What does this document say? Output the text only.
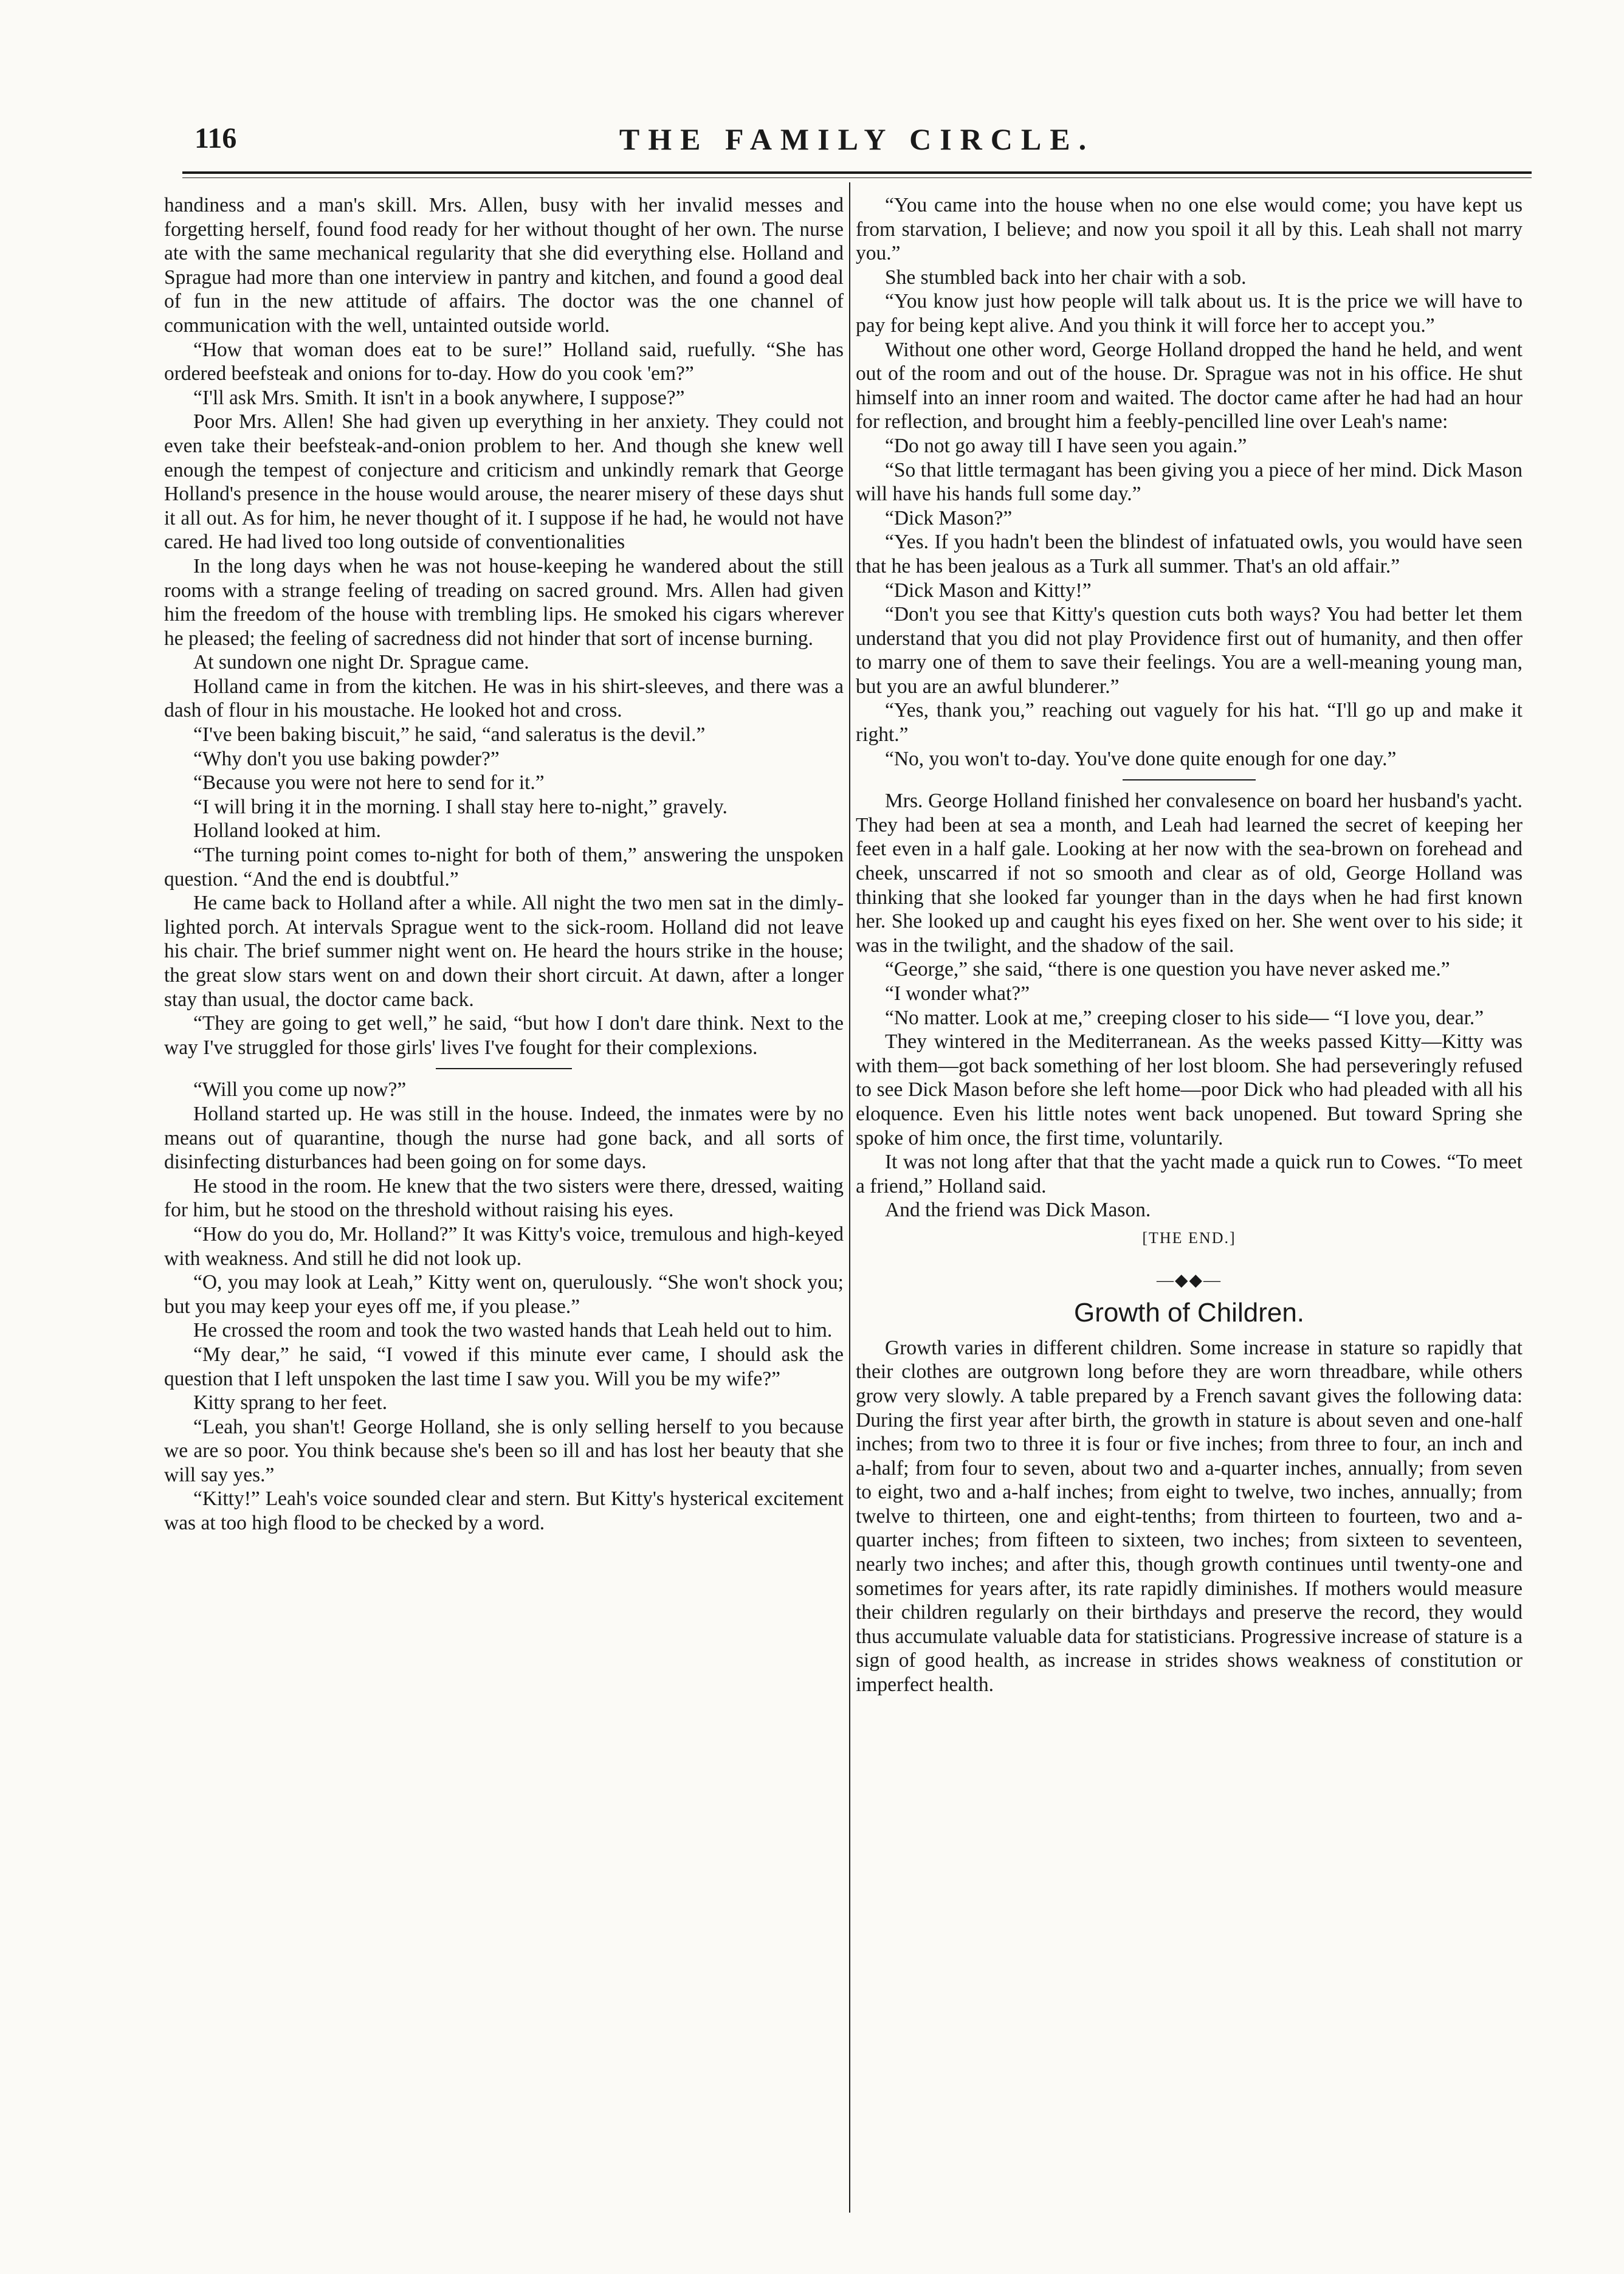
116	THE FAMILY CIRCLE.

handiness and a man's skill. Mrs. Allen, busy with her invalid messes and forgetting herself, found food ready for her without thought of her own. The nurse ate with the same mechanical regularity that she did everything else. Holland and Sprague had more than one interview in pantry and kitchen, and found a good deal of fun in the new attitude of affairs. The doctor was the one channel of communication with the well, untainted outside world.

“How that woman does eat to be sure!” Holland said, ruefully. “She has ordered beefsteak and onions for to-day. How do you cook 'em?”

“I'll ask Mrs. Smith. It isn't in a book anywhere, I suppose?”

Poor Mrs. Allen! She had given up everything in her anxiety. They could not even take their beefsteak-and-onion problem to her. And though she knew well enough the tempest of conjecture and criticism and unkindly remark that George Holland's presence in the house would arouse, the nearer misery of these days shut it all out. As for him, he never thought of it. I suppose if he had, he would not have cared. He had lived too long outside of conventionalities

In the long days when he was not house-keeping he wandered about the still rooms with a strange feeling of treading on sacred ground. Mrs. Allen had given him the freedom of the house with trembling lips. He smoked his cigars wherever he pleased; the feeling of sacredness did not hinder that sort of incense burning.

At sundown one night Dr. Sprague came.

Holland came in from the kitchen. He was in his shirt-sleeves, and there was a dash of flour in his moustache. He looked hot and cross.

“I've been baking biscuit,” he said, “and saleratus is the devil.”

“Why don't you use baking powder?”

“Because you were not here to send for it.”

“I will bring it in the morning. I shall stay here to-night,” gravely.

Holland looked at him.

“The turning point comes to-night for both of them,” answering the unspoken question. “And the end is doubtful.”

He came back to Holland after a while. All night the two men sat in the dimly-lighted porch. At intervals Sprague went to the sick-room. Holland did not leave his chair. The brief summer night went on. He heard the hours strike in the house; the great slow stars went on and down their short circuit. At dawn, after a longer stay than usual, the doctor came back.

“They are going to get well,” he said, “but how I don't dare think. Next to the way I've struggled for those girls' lives I've fought for their complexions.

“Will you come up now?”

Holland started up. He was still in the house. Indeed, the inmates were by no means out of quarantine, though the nurse had gone back, and all sorts of disinfecting disturbances had been going on for some days.

He stood in the room. He knew that the two sisters were there, dressed, waiting for him, but he stood on the threshold without raising his eyes.

“How do you do, Mr. Holland?” It was Kitty's voice, tremulous and high-keyed with weakness. And still he did not look up.

“O, you may look at Leah,” Kitty went on, querulously. “She won't shock you; but you may keep your eyes off me, if you please.”

He crossed the room and took the two wasted hands that Leah held out to him.

“My dear,” he said, “I vowed if this minute ever came, I should ask the question that I left unspoken the last time I saw you. Will you be my wife?”

Kitty sprang to her feet.

“Leah, you shan't! George Holland, she is only selling herself to you because we are so poor. You think because she's been so ill and has lost her beauty that she will say yes.”

“Kitty!” Leah's voice sounded clear and stern. But Kitty's hysterical excitement was at too high flood to be checked by a word.

“You came into the house when no one else would come; you have kept us from starvation, I believe; and now you spoil it all by this. Leah shall not marry you.”

She stumbled back into her chair with a sob.

“You know just how people will talk about us. It is the price we will have to pay for being kept alive. And you think it will force her to accept you.”

Without one other word, George Holland dropped the hand he held, and went out of the room and out of the house. Dr. Sprague was not in his office. He shut himself into an inner room and waited. The doctor came after he had had an hour for reflection, and brought him a feebly-pencilled line over Leah's name:

“Do not go away till I have seen you again.”

“So that little termagant has been giving you a piece of her mind. Dick Mason will have his hands full some day.”

“Dick Mason?”

“Yes. If you hadn't been the blindest of infatuated owls, you would have seen that he has been jealous as a Turk all summer. That's an old affair.”

“Dick Mason and Kitty!”

“Don't you see that Kitty's question cuts both ways? You had better let them understand that you did not play Providence first out of humanity, and then offer to marry one of them to save their feelings. You are a well-meaning young man, but you are an awful blunderer.”

“Yes, thank you,” reaching out vaguely for his hat. “I'll go up and make it right.”

“No, you won't to-day. You've done quite enough for one day.”

Mrs. George Holland finished her convalesence on board her husband's yacht. They had been at sea a month, and Leah had learned the secret of keeping her feet even in a half gale. Looking at her now with the sea-brown on forehead and cheek, unscarred if not so smooth and clear as of old, George Holland was thinking that she looked far younger than in the days when he had first known her. She looked up and caught his eyes fixed on her. She went over to his side; it was in the twilight, and the shadow of the sail.

“George,” she said, “there is one question you have never asked me.”

“I wonder what?”

“No matter. Look at me,” creeping closer to his side— “I love you, dear.”

They wintered in the Mediterranean. As the weeks passed Kitty—Kitty was with them—got back something of her lost bloom. She had perseveringly refused to see Dick Mason before she left home—poor Dick who had pleaded with all his eloquence. Even his little notes went back unopened. But toward Spring she spoke of him once, the first time, voluntarily.

It was not long after that that the yacht made a quick run to Cowes. “To meet a friend,” Holland said.

And the friend was Dick Mason.

[THE END.]
—◆◆—
Growth of Children.

Growth varies in different children. Some increase in stature so rapidly that their clothes are outgrown long before they are worn threadbare, while others grow very slowly. A table prepared by a French savant gives the following data: During the first year after birth, the growth in stature is about seven and one-half inches; from two to three it is four or five inches; from three to four, an inch and a-half; from four to seven, about two and a-quarter inches, annually; from seven to eight, two and a-half inches; from eight to twelve, two inches, annually; from twelve to thirteen, one and eight-tenths; from thirteen to fourteen, two and a-quarter inches; from fifteen to sixteen, two inches; from sixteen to seventeen, nearly two inches; and after this, though growth continues until twenty-one and sometimes for years after, its rate rapidly diminishes. If mothers would measure their children regularly on their birthdays and preserve the record, they would thus accumulate valuable data for statisticians. Progressive increase of stature is a sign of good health, as increase in strides shows weakness of constitution or imperfect health.
